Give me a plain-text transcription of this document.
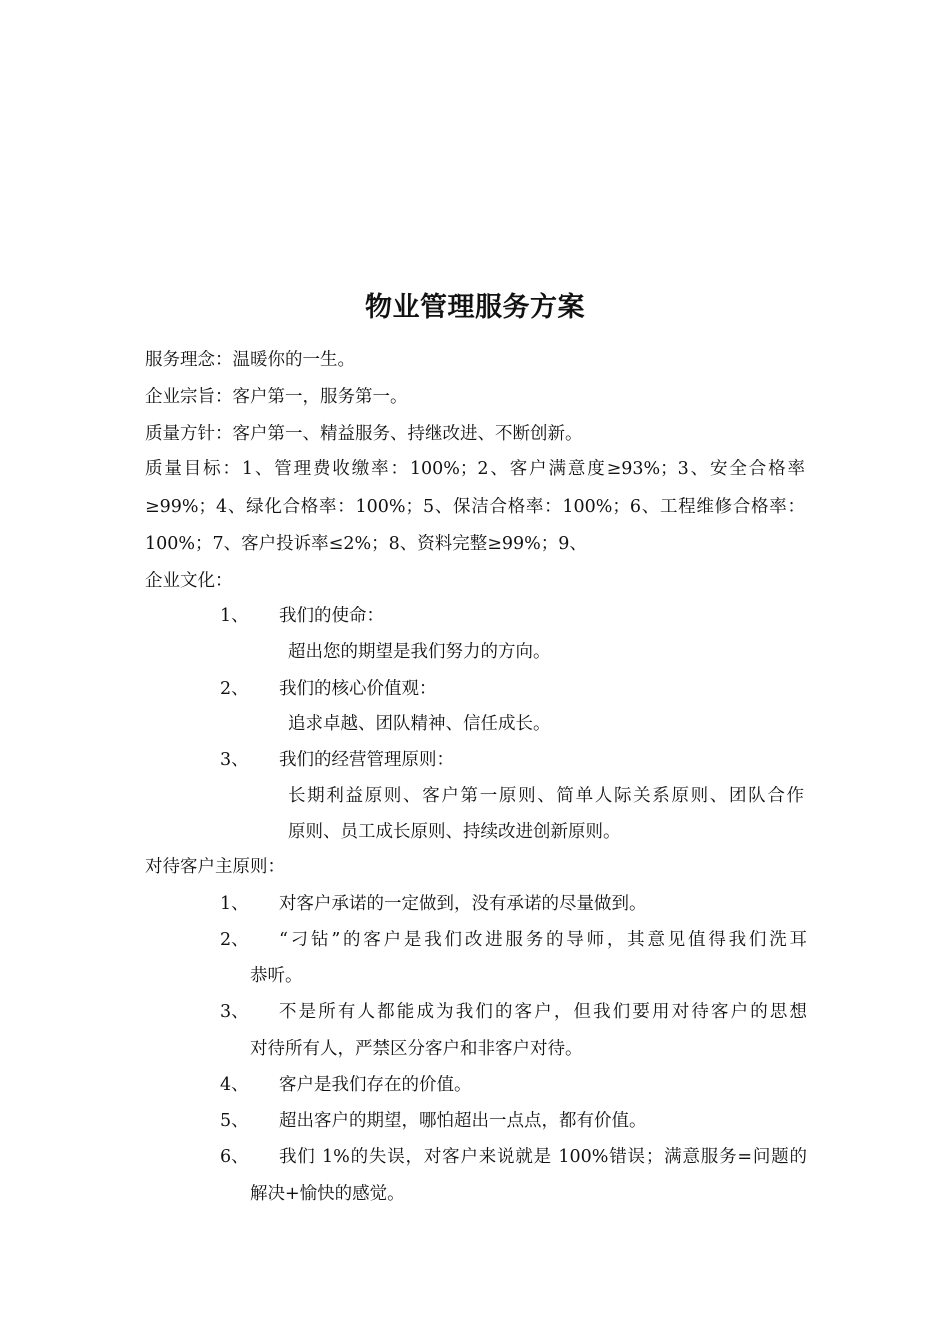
物业管理服务方案
服务理念：温暖你的一生。
企业宗旨：客户第一，服务第一。
质量方针：客户第一、精益服务、持继改进、不断创新。
质量目标：1、管理费收缴率：100%；2、客户满意度≥93%；3、安全合格率
≥99%；4、绿化合格率：100%；5、保洁合格率：100%；6、工程维修合格率：
100%；7、客户投诉率≤2%；8、资料完整≥99%；9、
企业文化：
1、 我们的使命：
超出您的期望是我们努力的方向。
2、 我们的核心价值观：
追求卓越、团队精神、信任成长。
3、 我们的经营管理原则：
长期利益原则、客户第一原则、简单人际关系原则、团队合作
原则、员工成长原则、持续改进创新原则。
对待客户主原则：
1、 对客户承诺的一定做到，没有承诺的尽量做到。
2、 “刁钻”的客户是我们改进服务的导师，其意见值得我们洗耳
恭听。
3、 不是所有人都能成为我们的客户，但我们要用对待客户的思想
对待所有人，严禁区分客户和非客户对待。
4、 客户是我们存在的价值。
5、 超出客户的期望，哪怕超出一点点，都有价值。
6、 我们 1%的失误，对客户来说就是 100%错误；满意服务=问题的
解决+愉快的感觉。
